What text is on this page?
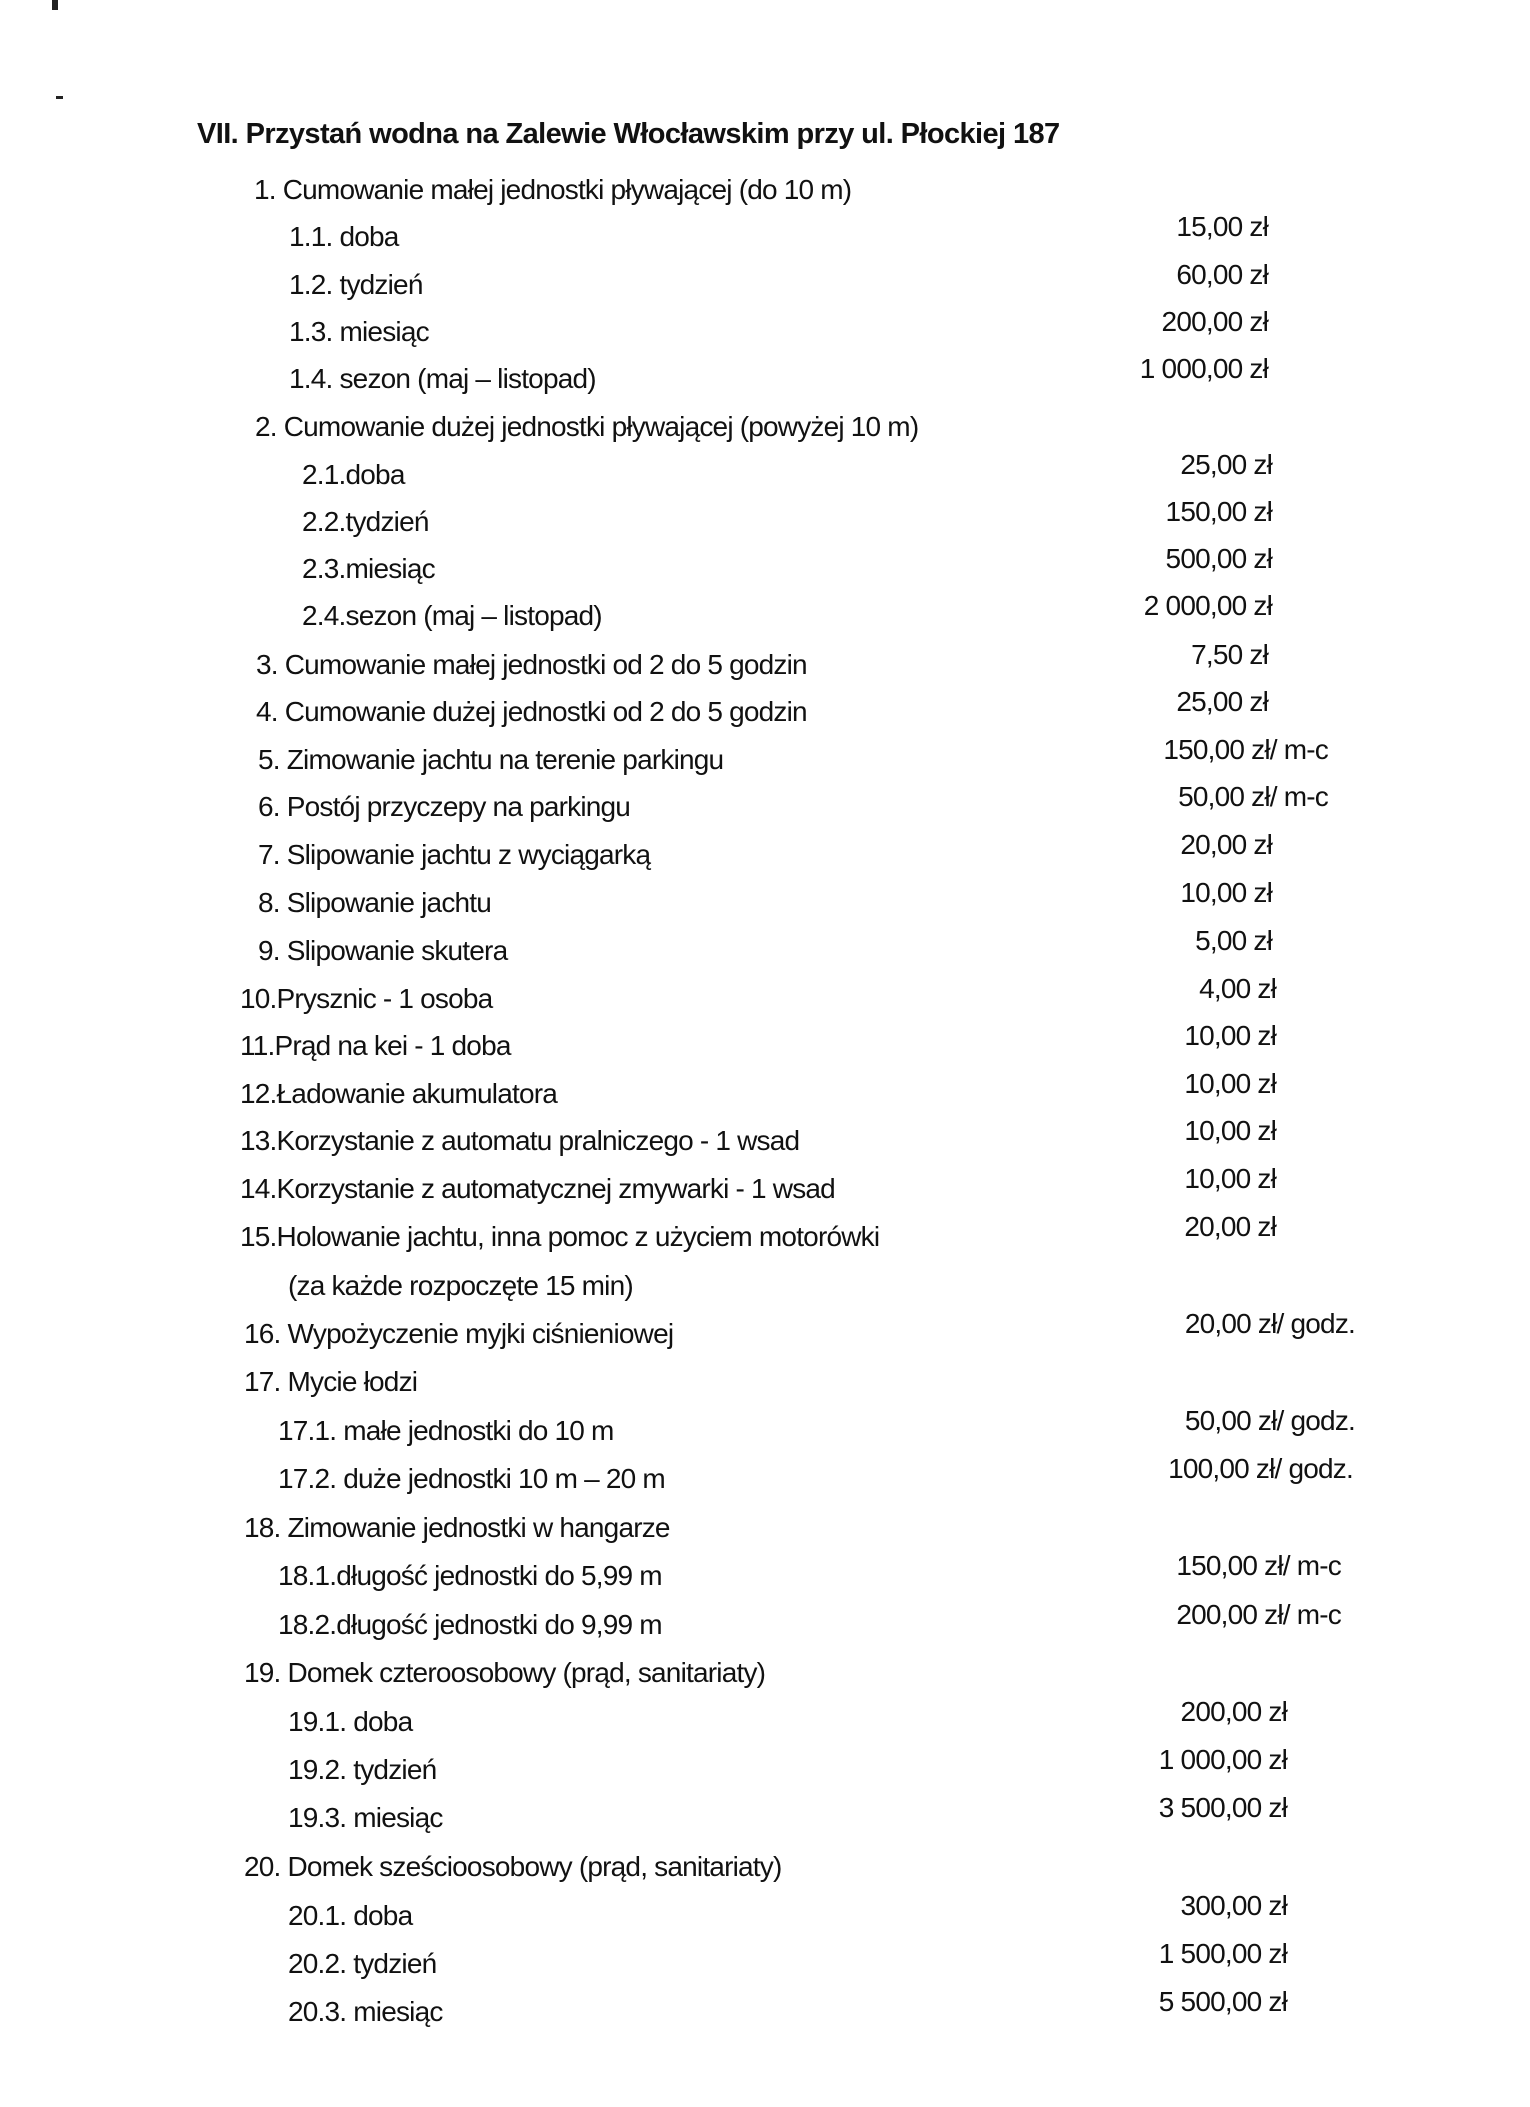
VII. Przystań wodna na Zalewie Włocławskim przy ul. Płockiej 187
1. Cumowanie małej jednostki pływającej (do 10 m)
1.1. doba	15,00 zł
1.2. tydzień	60,00 zł
1.3. miesiąc	200,00 zł
1.4. sezon (maj – listopad)	1 000,00 zł
2. Cumowanie dużej jednostki pływającej (powyżej 10 m)
2.1.doba	25,00 zł
2.2.tydzień	150,00 zł
2.3.miesiąc	500,00 zł
2.4.sezon (maj – listopad)	2 000,00 zł
3. Cumowanie małej jednostki od 2 do 5 godzin	7,50 zł
4. Cumowanie dużej jednostki od 2 do 5 godzin	25,00 zł
5. Zimowanie jachtu na terenie parkingu	150,00 zł/ m-c
6. Postój przyczepy na parkingu	50,00 zł/ m-c
7. Slipowanie jachtu z wyciągarką	20,00 zł
8. Slipowanie jachtu	10,00 zł
9. Slipowanie skutera	5,00 zł
10.Prysznic - 1 osoba	4,00 zł
11.Prąd na kei - 1 doba	10,00 zł
12.Ładowanie akumulatora	10,00 zł
13.Korzystanie z automatu pralniczego - 1 wsad	10,00 zł
14.Korzystanie z automatycznej zmywarki - 1 wsad	10,00 zł
15.Holowanie jachtu, inna pomoc z użyciem motorówki	20,00 zł
(za każde rozpoczęte 15 min)
16. Wypożyczenie myjki ciśnieniowej	20,00 zł/ godz.
17. Mycie łodzi
17.1. małe jednostki do 10 m	50,00 zł/ godz.
17.2. duże jednostki 10 m – 20 m	100,00 zł/ godz.
18. Zimowanie jednostki w hangarze
18.1.długość jednostki do 5,99 m	150,00 zł/ m-c
18.2.długość jednostki do 9,99 m	200,00 zł/ m-c
19. Domek czteroosobowy (prąd, sanitariaty)
19.1. doba	200,00 zł
19.2. tydzień	1 000,00 zł
19.3. miesiąc	3 500,00 zł
20. Domek sześcioosobowy (prąd, sanitariaty)
20.1. doba	300,00 zł
20.2. tydzień	1 500,00 zł
20.3. miesiąc	5 500,00 zł
